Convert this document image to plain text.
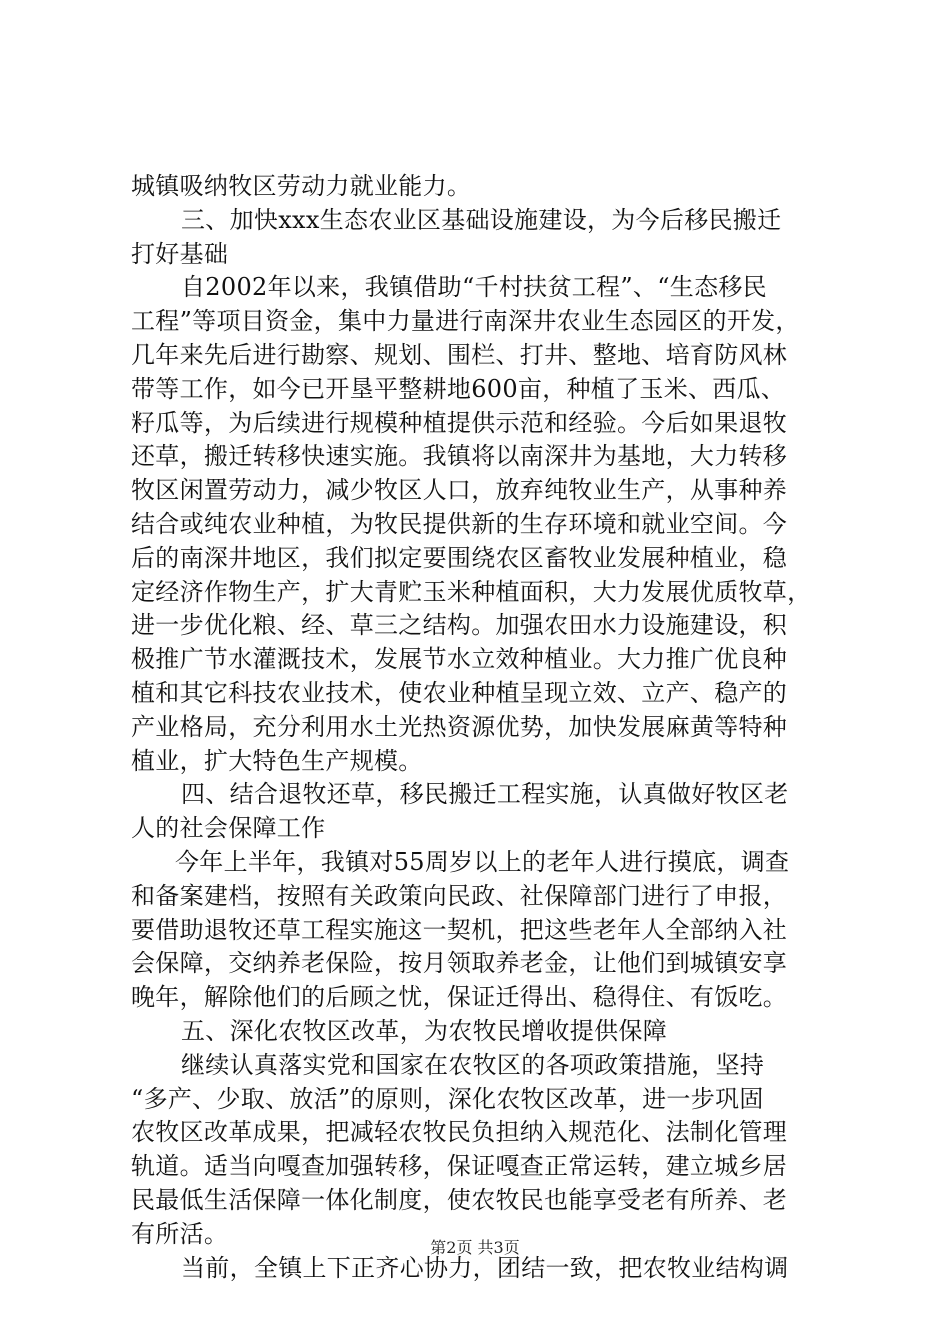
城镇吸纳牧区劳动力就业能力。
三、加快xxx生态农业区基础设施建设，为今后移民搬迁
打好基础
自2002年以来，我镇借助“千村扶贫工程”、“生态移民
工程”等项目资金，集中力量进行南深井农业生态园区的开发，
几年来先后进行勘察、规划、围栏、打井、整地、培育防风林
带等工作，如今已开垦平整耕地600亩，种植了玉米、西瓜、
籽瓜等，为后续进行规模种植提供示范和经验。今后如果退牧
还草，搬迁转移快速实施。我镇将以南深井为基地，大力转移
牧区闲置劳动力，减少牧区人口，放弃纯牧业生产，从事种养
结合或纯农业种植，为牧民提供新的生存环境和就业空间。今
后的南深井地区，我们拟定要围绕农区畜牧业发展种植业，稳
定经济作物生产，扩大青贮玉米种植面积，大力发展优质牧草，
进一步优化粮、经、草三之结构。加强农田水力设施建设，积
极推广节水灌溉技术，发展节水立效种植业。大力推广优良种
植和其它科技农业技术，使农业种植呈现立效、立产、稳产的
产业格局，充分利用水土光热资源优势，加快发展麻黄等特种
植业，扩大特色生产规模。
四、结合退牧还草，移民搬迁工程实施，认真做好牧区老
人的社会保障工作
今年上半年，我镇对55周岁以上的老年人进行摸底，调查
和备案建档，按照有关政策向民政、社保障部门进行了申报，
要借助退牧还草工程实施这一契机，把这些老年人全部纳入社
会保障，交纳养老保险，按月领取养老金，让他们到城镇安享
晚年，解除他们的后顾之忧，保证迁得出、稳得住、有饭吃。
五、深化农牧区改革，为农牧民增收提供保障
继续认真落实党和国家在农牧区的各项政策措施，坚持
“多产、少取、放活”的原则，深化农牧区改革，进一步巩固
农牧区改革成果，把减轻农牧民负担纳入规范化、法制化管理
轨道。适当向嘎查加强转移，保证嘎查正常运转，建立城乡居
民最低生活保障一体化制度，使农牧民也能享受老有所养、老
有所活。
当前，全镇上下正齐心协力，团结一致，把农牧业结构调
第2页 共3页
